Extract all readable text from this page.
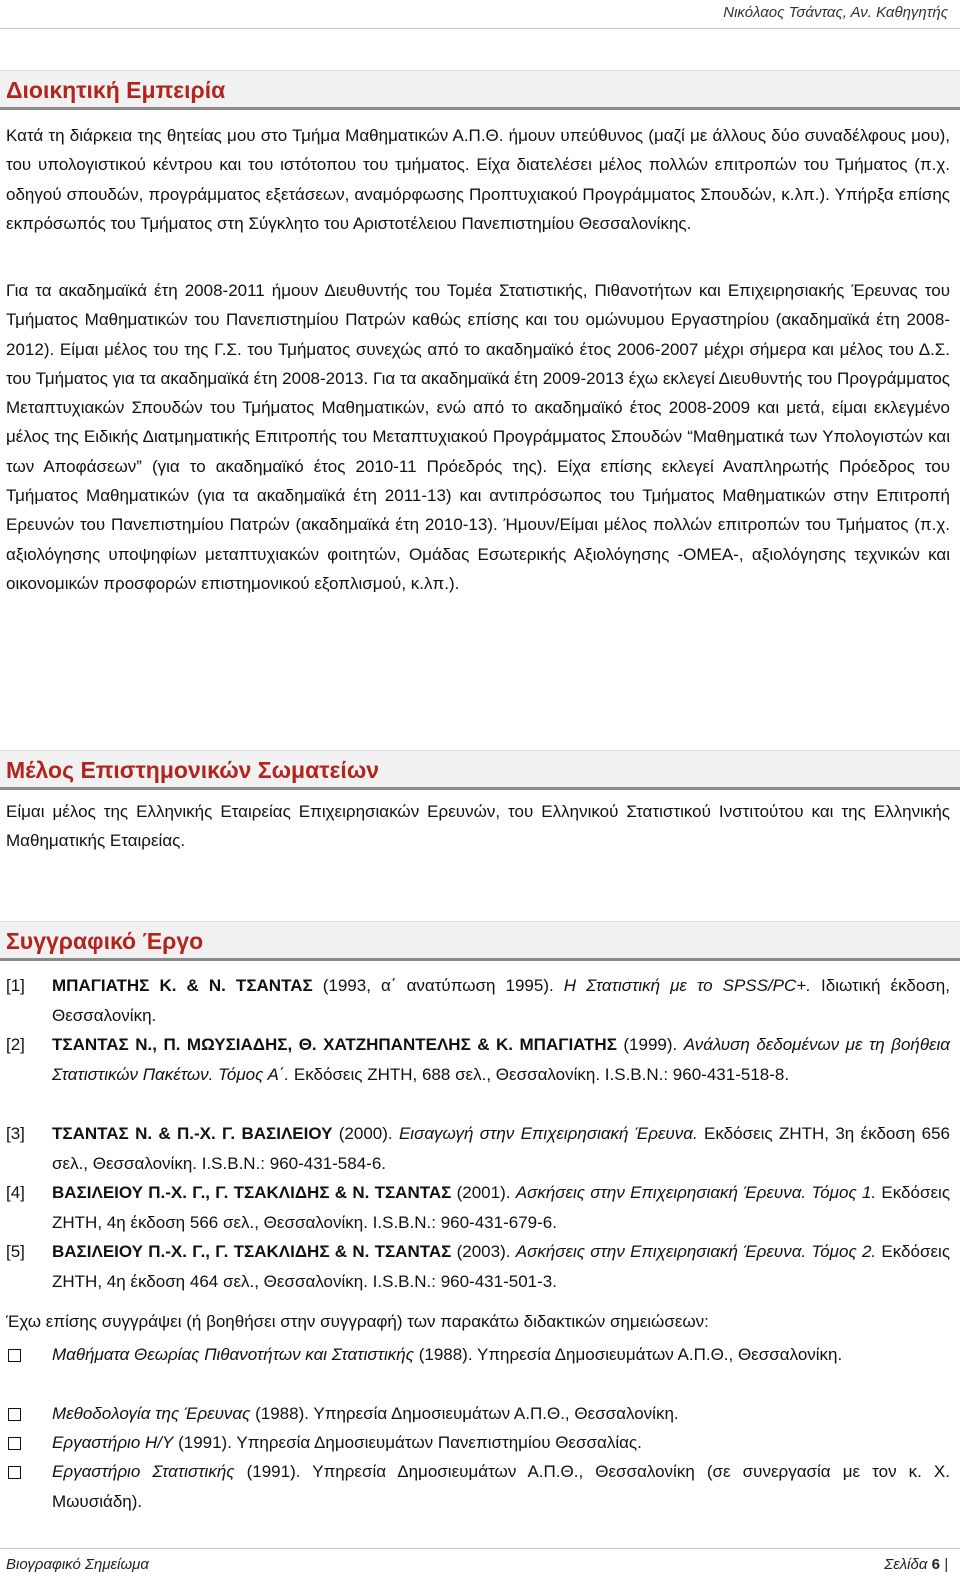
Νικόλαος Τσάντας, Αν. Καθηγητής
Διοικητική Εμπειρία

Κατά τη διάρκεια της θητείας μου στο Τμήμα Μαθηματικών Α.Π.Θ. ήμουν υπεύθυνος (μαζί με άλλους δύο συναδέλφους μου), του υπολογιστικού κέντρου και του ιστότοπου του τμήματος. Είχα διατελέσει μέλος πολλών επιτροπών του Τμήματος (π.χ. οδηγού σπουδών, προγράμματος εξετάσεων, αναμόρφωσης Προπτυχιακού Προγράμματος Σπουδών, κ.λπ.). Υπήρξα επίσης εκπρόσωπός του Τμήματος στη Σύγκλητο του Αριστοτέλειου Πανεπιστημίου Θεσσαλονίκης.

Για τα ακαδημαϊκά έτη 2008-2011 ήμουν Διευθυντής του Τομέα Στατιστικής, Πιθανοτήτων και Επιχειρησιακής Έρευνας του Τμήματος Μαθηματικών του Πανεπιστημίου Πατρών καθώς επίσης και του ομώνυμου Εργαστηρίου (ακαδημαϊκά έτη 2008-2012). Είμαι μέλος του της Γ.Σ. του Τμήματος συνεχώς από το ακαδημαϊκό έτος 2006-2007 μέχρι σήμερα και μέλος του Δ.Σ. του Τμήματος για τα ακαδημαϊκά έτη 2008-2013. Για τα ακαδημαϊκά έτη 2009-2013 έχω εκλεγεί Διευθυντής του Προγράμματος Μεταπτυχιακών Σπουδών του Τμήματος Μαθηματικών, ενώ από το ακαδημαϊκό έτος 2008-2009 και μετά, είμαι εκλεγμένο μέλος της Ειδικής Διατμηματικής Επιτροπής του Μεταπτυχιακού Προγράμματος Σπουδών “Μαθηματικά των Υπολογιστών και των Αποφάσεων” (για το ακαδημαϊκό έτος 2010-11 Πρόεδρός της). Είχα επίσης εκλεγεί Αναπληρωτής Πρόεδρος του Τμήματος Μαθηματικών (για τα ακαδημαϊκά έτη 2011-13) και αντιπρόσωπος του Τμήματος Μαθηματικών στην Επιτροπή Ερευνών του Πανεπιστημίου Πατρών (ακαδημαϊκά έτη 2010-13). Ήμουν/Είμαι μέλος πολλών επιτροπών του Τμήματος (π.χ. αξιολόγησης υποψηφίων μεταπτυχιακών φοιτητών, Ομάδας Εσωτερικής Αξιολόγησης -ΟΜΕΑ-, αξιολόγησης τεχνικών και οικονομικών προσφορών επιστημονικού εξοπλισμού, κ.λπ.).

Μέλος Επιστημονικών Σωματείων

Είμαι μέλος της Ελληνικής Εταιρείας Επιχειρησιακών Ερευνών, του Ελληνικού Στατιστικού Ινστιτούτου και της Ελληνικής Μαθηματικής Εταιρείας.

Συγγραφικό Έργο
[1] ΜΠΑΓΙΑΤΗΣ Κ. & Ν. ΤΣΑΝΤΑΣ (1993, α΄ ανατύπωση 1995). Η Στατιστική με το SPSS/PC+. Ιδιωτική έκδοση, Θεσσαλονίκη.
[2] ΤΣΑΝΤΑΣ Ν., Π. ΜΩΥΣΙΑΔΗΣ, Θ. ΧΑΤΖΗΠΑΝΤΕΛΗΣ & Κ. ΜΠΑΓΙΑΤΗΣ (1999). Ανάλυση δεδομένων με τη βοήθεια Στατιστικών Πακέτων. Τόμος Α΄. Εκδόσεις ΖΗΤΗ, 688 σελ., Θεσσαλονίκη. I.S.B.N.: 960-431-518-8.
[3] ΤΣΑΝΤΑΣ Ν. & Π.-Χ. Γ. ΒΑΣΙΛΕΙΟΥ (2000). Εισαγωγή στην Επιχειρησιακή Έρευνα. Εκδόσεις ΖΗΤΗ, 3η έκδοση 656 σελ., Θεσσαλονίκη. I.S.B.N.: 960-431-584-6.
[4] ΒΑΣΙΛΕΙΟΥ Π.-Χ. Γ., Γ. ΤΣΑΚΛΙΔΗΣ & Ν. ΤΣΑΝΤΑΣ (2001). Ασκήσεις στην Επιχειρησιακή Έρευνα. Τόμος 1. Εκδόσεις ΖΗΤΗ, 4η έκδοση 566 σελ., Θεσσαλονίκη. I.S.B.N.: 960-431-679-6.
[5] ΒΑΣΙΛΕΙΟΥ Π.-Χ. Γ., Γ. ΤΣΑΚΛΙΔΗΣ & Ν. ΤΣΑΝΤΑΣ (2003). Ασκήσεις στην Επιχειρησιακή Έρευνα. Τόμος 2. Εκδόσεις ΖΗΤΗ, 4η έκδοση 464 σελ., Θεσσαλονίκη. I.S.B.N.: 960-431-501-3.

Έχω επίσης συγγράψει (ή βοηθήσει στην συγγραφή) των παρακάτω διδακτικών σημειώσεων:

Μαθήματα Θεωρίας Πιθανοτήτων και Στατιστικής (1988). Υπηρεσία Δημοσιευμάτων Α.Π.Θ., Θεσσαλονίκη.
Μεθοδολογία της Έρευνας (1988). Υπηρεσία Δημοσιευμάτων Α.Π.Θ., Θεσσαλονίκη.
Εργαστήριο Η/Υ (1991). Υπηρεσία Δημοσιευμάτων Πανεπιστημίου Θεσσαλίας.
Εργαστήριο Στατιστικής (1991). Υπηρεσία Δημοσιευμάτων Α.Π.Θ., Θεσσαλονίκη (σε συνεργασία με τον κ. Χ. Μωυσιάδη).
Βιογραφικό Σημείωμα	Σελίδα 6 |
